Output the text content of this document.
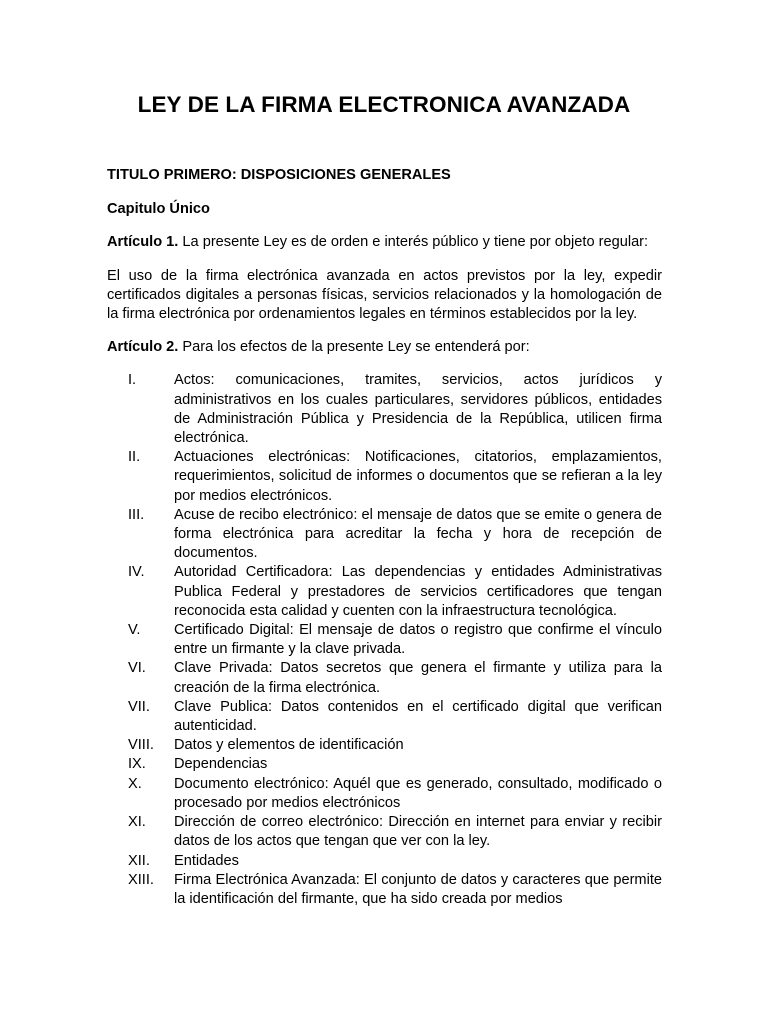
LEY DE LA FIRMA ELECTRONICA AVANZADA

TITULO PRIMERO: DISPOSICIONES GENERALES

Capitulo Único

Artículo 1. La presente Ley es de orden e interés público y tiene por objeto regular:

El uso de la firma electrónica avanzada en actos previstos por la ley, expedir certificados digitales a personas físicas, servicios relacionados y la homologación de la firma electrónica por ordenamientos legales en términos establecidos por la ley.

Artículo 2. Para los efectos de la presente Ley se entenderá por:

I.	Actos: comunicaciones, tramites, servicios, actos jurídicos y administrativos en los cuales particulares, servidores públicos, entidades de Administración Pública y Presidencia de la República, utilicen firma electrónica.
II. Actuaciones electrónicas: Notificaciones, citatorios, emplazamientos, requerimientos, solicitud de informes o documentos que se refieran a la ley por medios electrónicos.
III. Acuse de recibo electrónico: el mensaje de datos que se emite o genera de forma electrónica para acreditar la fecha y hora de recepción de documentos.
IV. Autoridad Certificadora: Las dependencias y entidades Administrativas Publica Federal y prestadores de servicios certificadores que tengan reconocida esta calidad y cuenten con la infraestructura tecnológica.
V. Certificado Digital: El mensaje de datos o registro que confirme el vínculo entre un firmante y la clave privada.
VI. Clave Privada: Datos secretos que genera el firmante y utiliza para la creación de la firma electrónica.
VII. Clave Publica: Datos contenidos en el certificado digital que verifican autenticidad.
VIII. Datos y elementos de identificación
IX. Dependencias
X. Documento electrónico: Aquél que es generado, consultado, modificado o procesado por medios electrónicos
XI. Dirección de correo electrónico: Dirección en internet para enviar y recibir datos de los actos que tengan que ver con la ley.
XII. Entidades
XIII. Firma Electrónica Avanzada: El conjunto de datos y caracteres que permite la identificación del firmante, que ha sido creada por medios
